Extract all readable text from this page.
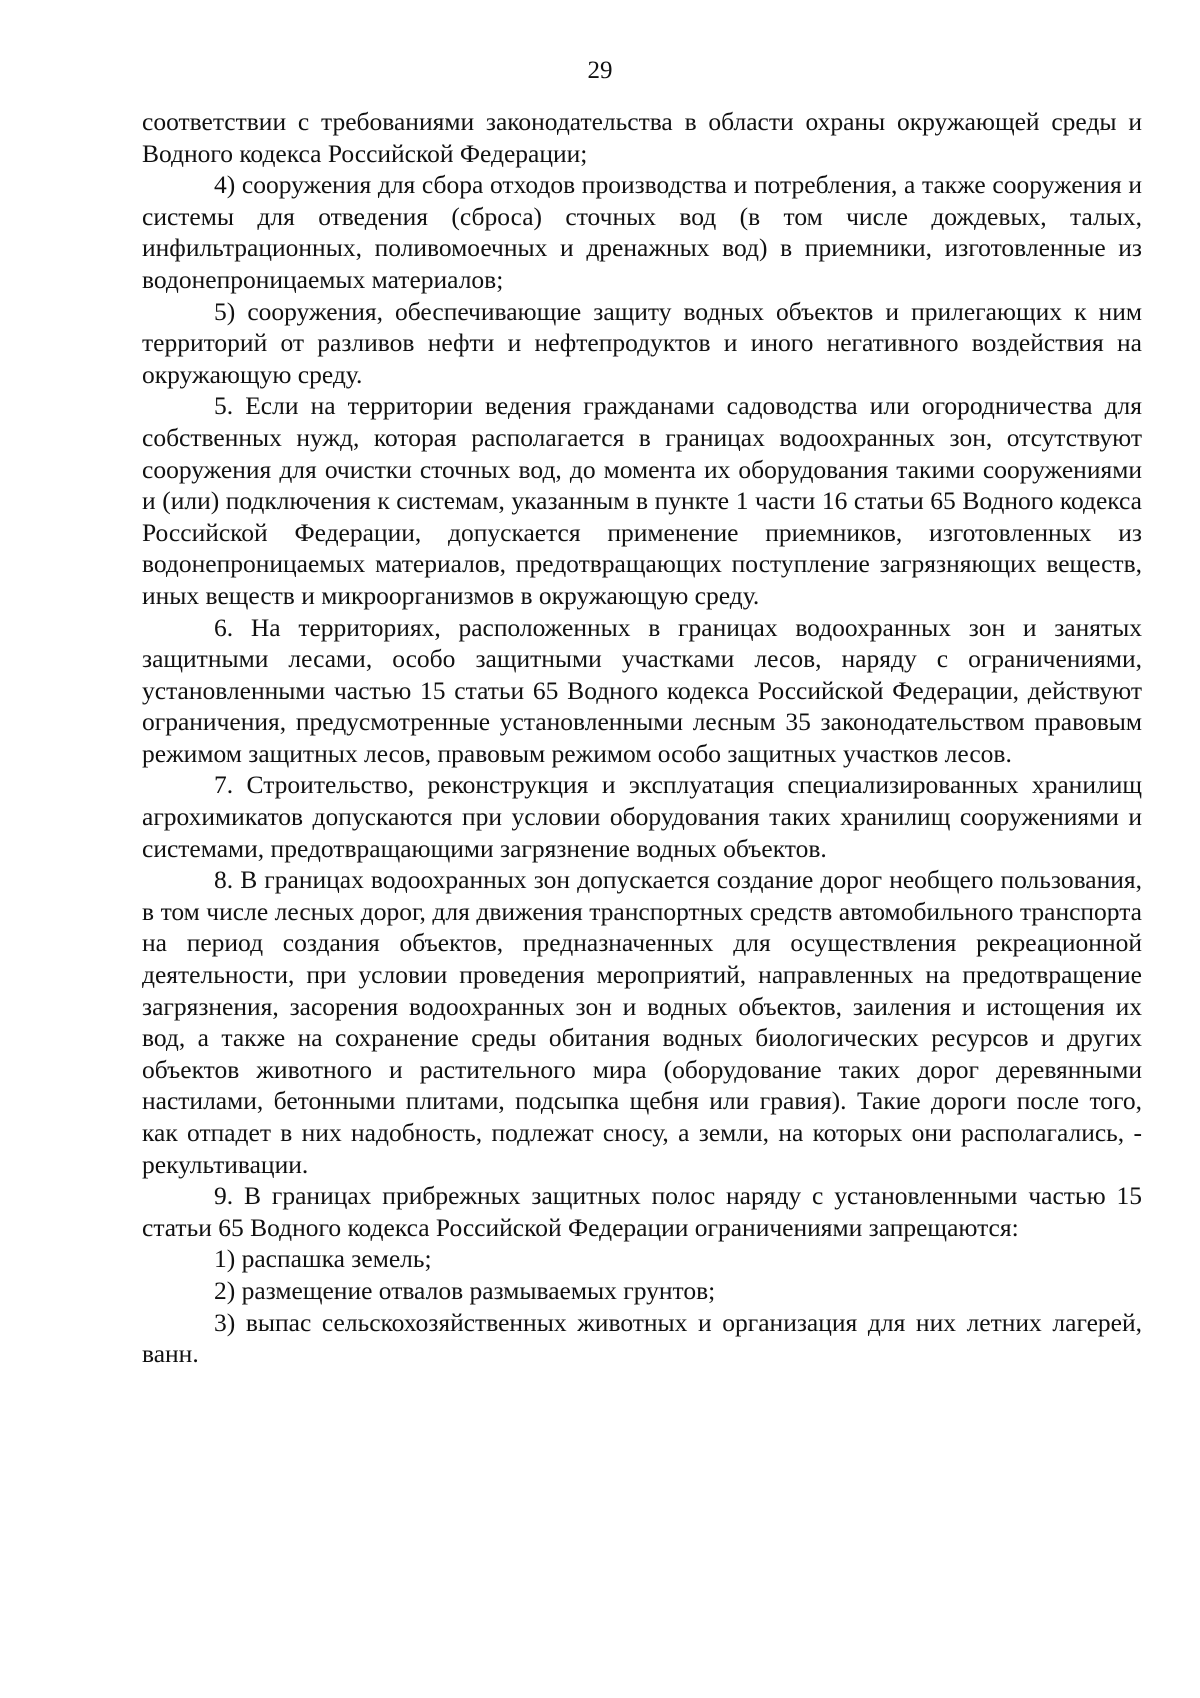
29

соответствии с требованиями законодательства в области охраны окружающей среды и Водного кодекса Российской Федерации;

4) сооружения для сбора отходов производства и потребления, а также сооружения и системы для отведения (сброса) сточных вод (в том числе дождевых, талых, инфильтрационных, поливомоечных и дренажных вод) в приемники, изготовленные из водонепроницаемых материалов;

5) сооружения, обеспечивающие защиту водных объектов и прилегающих к ним территорий от разливов нефти и нефтепродуктов и иного негативного воздействия на окружающую среду.

5. Если на территории ведения гражданами садоводства или огородничества для собственных нужд, которая располагается в границах водоохранных зон, отсутствуют сооружения для очистки сточных вод, до момента их оборудования такими сооружениями и (или) подключения к системам, указанным в пункте 1 части 16 статьи 65 Водного кодекса Российской Федерации, допускается применение приемников, изготовленных из водонепроницаемых материалов, предотвращающих поступление загрязняющих веществ, иных веществ и микроорганизмов в окружающую среду.

6. На территориях, расположенных в границах водоохранных зон и занятых защитными лесами, особо защитными участками лесов, наряду с ограничениями, установленными частью 15 статьи 65 Водного кодекса Российской Федерации, действуют ограничения, предусмотренные установленными лесным 35 законодательством правовым режимом защитных лесов, правовым режимом особо защитных участков лесов.

7. Строительство, реконструкция и эксплуатация специализированных хранилищ агрохимикатов допускаются при условии оборудования таких хранилищ сооружениями и системами, предотвращающими загрязнение водных объектов.

8. В границах водоохранных зон допускается создание дорог необщего пользования, в том числе лесных дорог, для движения транспортных средств автомобильного транспорта на период создания объектов, предназначенных для осуществления рекреационной деятельности, при условии проведения мероприятий, направленных на предотвращение загрязнения, засорения водоохранных зон и водных объектов, заиления и истощения их вод, а также на сохранение среды обитания водных биологических ресурсов и других объектов животного и растительного мира (оборудование таких дорог деревянными настилами, бетонными плитами, подсыпка щебня или гравия). Такие дороги после того, как отпадет в них надобность, подлежат сносу, а земли, на которых они располагались, - рекультивации.

9. В границах прибрежных защитных полос наряду с установленными частью 15 статьи 65 Водного кодекса Российской Федерации ограничениями запрещаются:

1) распашка земель;

2) размещение отвалов размываемых грунтов;

3) выпас сельскохозяйственных животных и организация для них летних лагерей, ванн.
